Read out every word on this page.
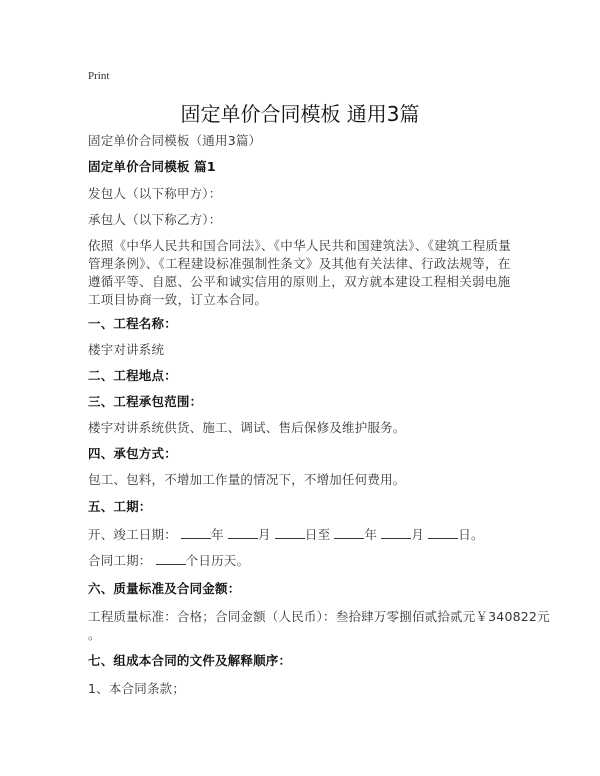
Print
固定单价合同模板 通用3篇
固定单价合同模板（通用3篇）
固定单价合同模板 篇1
发包人（以下称甲方）：
承包人（以下称乙方）：
依照《中华人民共和国合同法》、《中华人民共和国建筑法》、《建筑工程质量管理条例》、《工程建设标准强制性条文》及其他有关法律、行政法规等，在遵循平等、自愿、公平和诚实信用的原则上，双方就本建设工程相关弱电施工项目协商一致，订立本合同。
一、工程名称：
楼宇对讲系统
二、工程地点：
三、工程承包范围：
楼宇对讲系统供货、施工、调试、售后保修及维护服务。
四、承包方式：
包工、包料，不增加工作量的情况下，不增加任何费用。
五、工期：
开、竣工日期：	年	月	日至	年	月	日。
合同工期：	个日历天。
六、质量标准及合同金额：
工程质量标准：合格；合同金额（人民币）：叁拾肆万零捌佰贰拾贰元￥340822元
。
七、组成本合同的文件及解释顺序：
1、本合同条款；
